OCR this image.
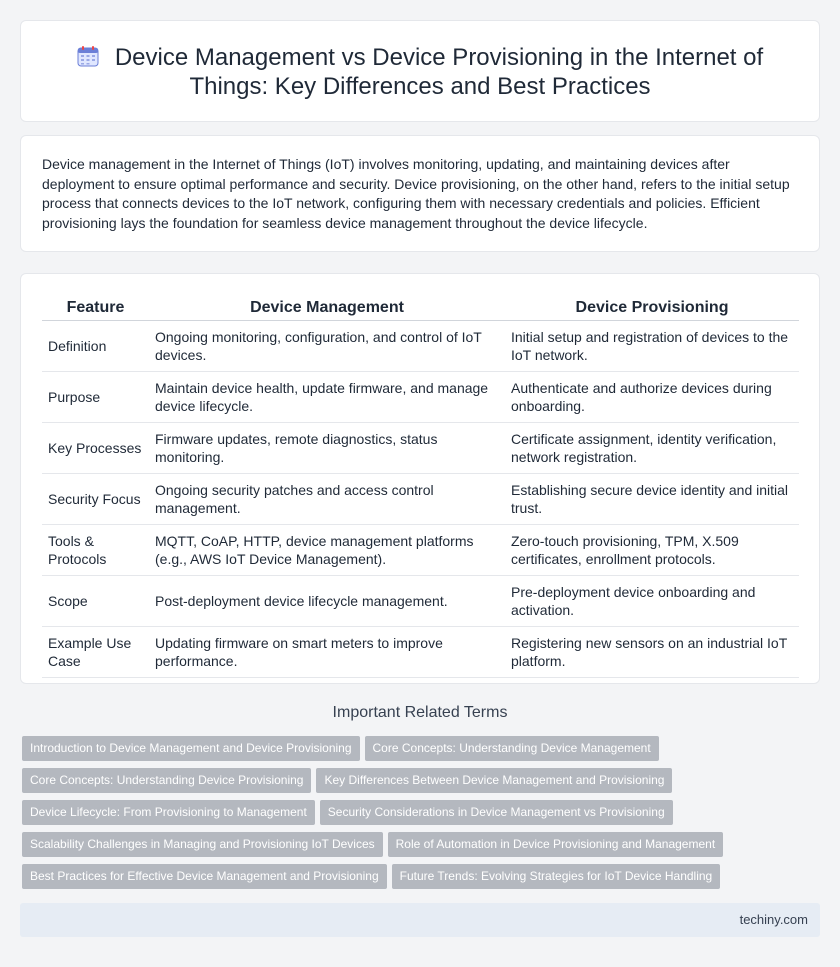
Device Management vs Device Provisioning in the Internet of Things: Key Differences and Best Practices

Device management in the Internet of Things (IoT) involves monitoring, updating, and maintaining devices after deployment to ensure optimal performance and security. Device provisioning, on the other hand, refers to the initial setup process that connects devices to the IoT network, configuring them with necessary credentials and policies. Efficient provisioning lays the foundation for seamless device management throughout the device lifecycle.

Feature	Device Management	Device Provisioning
Definition	Ongoing monitoring, configuration, and control of IoT devices.	Initial setup and registration of devices to the IoT network.
Purpose	Maintain device health, update firmware, and manage device lifecycle.	Authenticate and authorize devices during onboarding.
Key Processes	Firmware updates, remote diagnostics, status monitoring.	Certificate assignment, identity verification, network registration.
Security Focus	Ongoing security patches and access control management.	Establishing secure device identity and initial trust.
Tools & Protocols	MQTT, CoAP, HTTP, device management platforms (e.g., AWS IoT Device Management).	Zero-touch provisioning, TPM, X.509 certificates, enrollment protocols.
Scope	Post-deployment device lifecycle management.	Pre-deployment device onboarding and activation.
Example Use Case	Updating firmware on smart meters to improve performance.	Registering new sensors on an industrial IoT platform.
Important Related Terms
Introduction to Device Management and Device Provisioning Core Concepts: Understanding Device Management
Core Concepts: Understanding Device Provisioning Key Differences Between Device Management and Provisioning
Device Lifecycle: From Provisioning to Management Security Considerations in Device Management vs Provisioning
Scalability Challenges in Managing and Provisioning IoT Devices Role of Automation in Device Provisioning and Management
Best Practices for Effective Device Management and Provisioning Future Trends: Evolving Strategies for IoT Device Handling
techiny.com
